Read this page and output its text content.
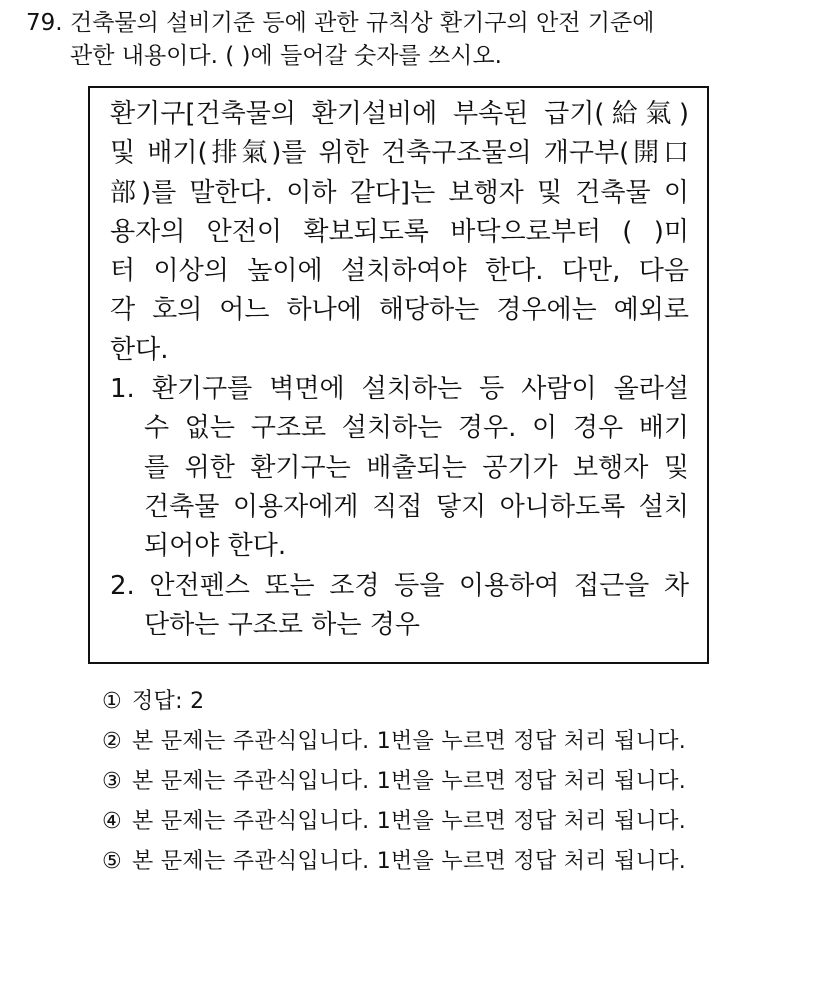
79. 건축물의 설비기준 등에 관한 규칙상 환기구의 안전 기준에
관한 내용이다. ( )에 들어갈 숫자를 쓰시오.
환기구[건축물의 환기설비에 부속된 급기(給氣)
및 배기(排氣)를 위한 건축구조물의 개구부(開口
部)를 말한다. 이하 같다]는 보행자 및 건축물 이
용자의 안전이 확보되도록 바닥으로부터 ( )미
터 이상의 높이에 설치하여야 한다. 다만, 다음
각 호의 어느 하나에 해당하는 경우에는 예외로
한다.
1. 환기구를 벽면에 설치하는 등 사람이 올라설
수 없는 구조로 설치하는 경우. 이 경우 배기
를 위한 환기구는 배출되는 공기가 보행자 및
건축물 이용자에게 직접 닿지 아니하도록 설치
되어야 한다.
2. 안전펜스 또는 조경 등을 이용하여 접근을 차
단하는 구조로 하는 경우
① 정답: 2
② 본 문제는 주관식입니다. 1번을 누르면 정답 처리 됩니다.
③ 본 문제는 주관식입니다. 1번을 누르면 정답 처리 됩니다.
④ 본 문제는 주관식입니다. 1번을 누르면 정답 처리 됩니다.
⑤ 본 문제는 주관식입니다. 1번을 누르면 정답 처리 됩니다.
